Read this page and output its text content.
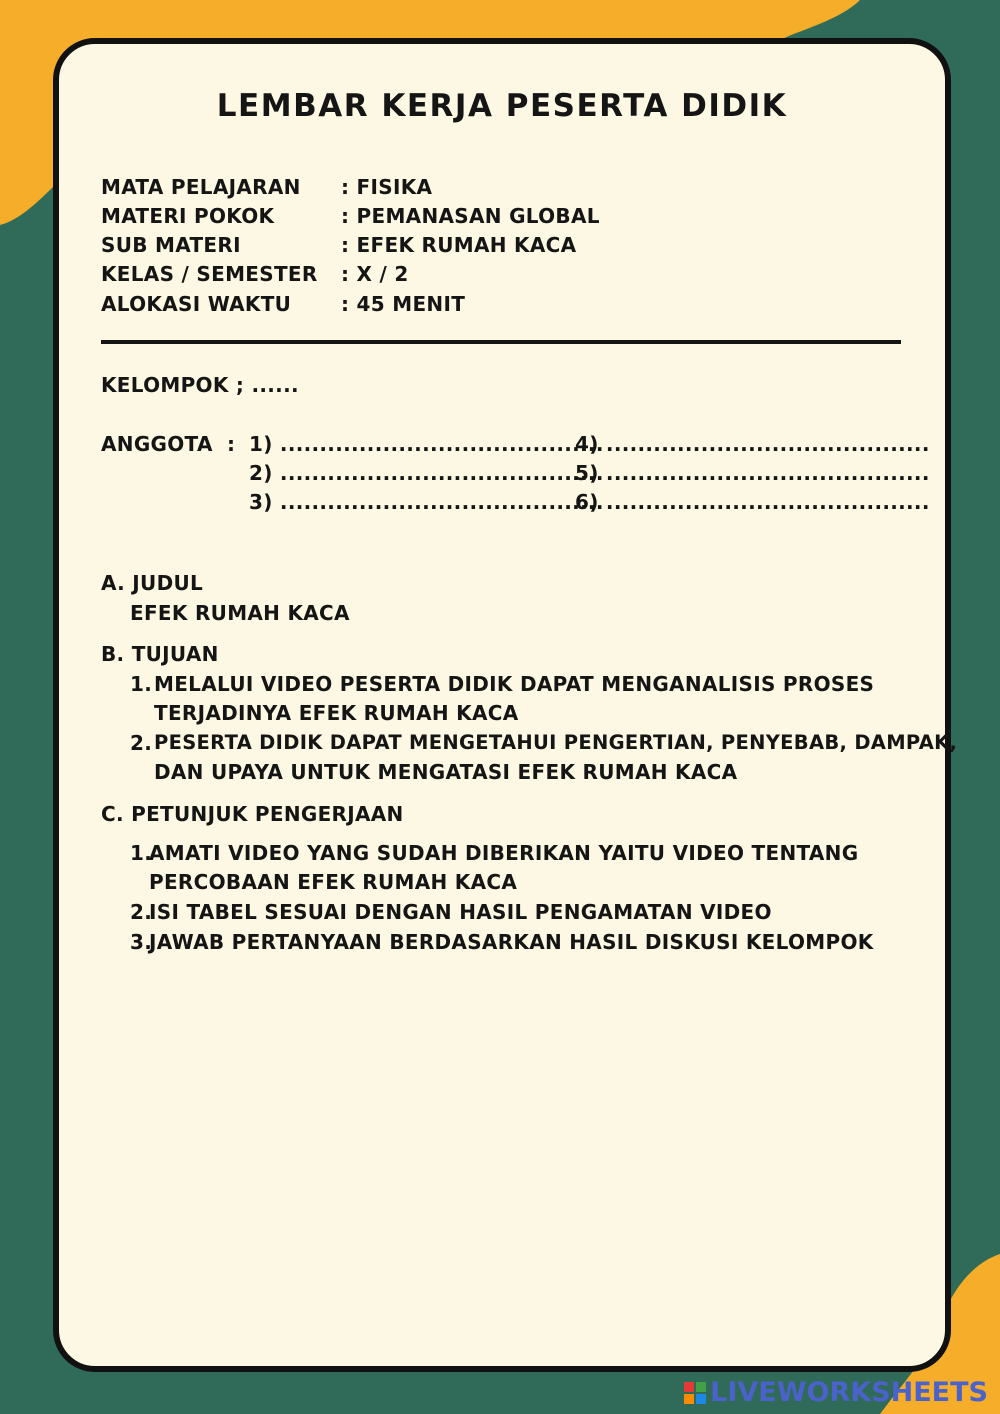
LEMBAR KERJA PESERTA DIDIK
MATA PELAJARAN : FISIKA
MATERI POKOK	: PEMANASAN GLOBAL
SUB MATERI	: EFEK RUMAH KACA
KELAS / SEMESTER : X / 2
ALOKASI WAKTU : 45 MENIT
KELOMPOK ; ......
ANGGOTA : 1) .........................................
2) .........................................
3) .........................................
4) .........................................
5) .........................................
6) .........................................
A. JUDUL
EFEK RUMAH KACA
B. TUJUAN
1. MELALUI VIDEO PESERTA DIDIK DAPAT MENGANALISIS PROSES
TERJADINYA EFEK RUMAH KACA
2. PESERTA DIDIK DAPAT MENGETAHUI PENGERTIAN, PENYEBAB, DAMPAK,
DAN UPAYA UNTUK MENGATASI EFEK RUMAH KACA
C. PETUNJUK PENGERJAAN
1.
AMATI VIDEO YANG SUDAH DIBERIKAN YAITU VIDEO TENTANG
PERCOBAAN EFEK RUMAH KACA
2.
ISI TABEL SESUAI DENGAN HASIL PENGAMATAN VIDEO
3.
JAWAB PERTANYAAN BERDASARKAN HASIL DISKUSI KELOMPOK
LIVEWORKSHEETS
